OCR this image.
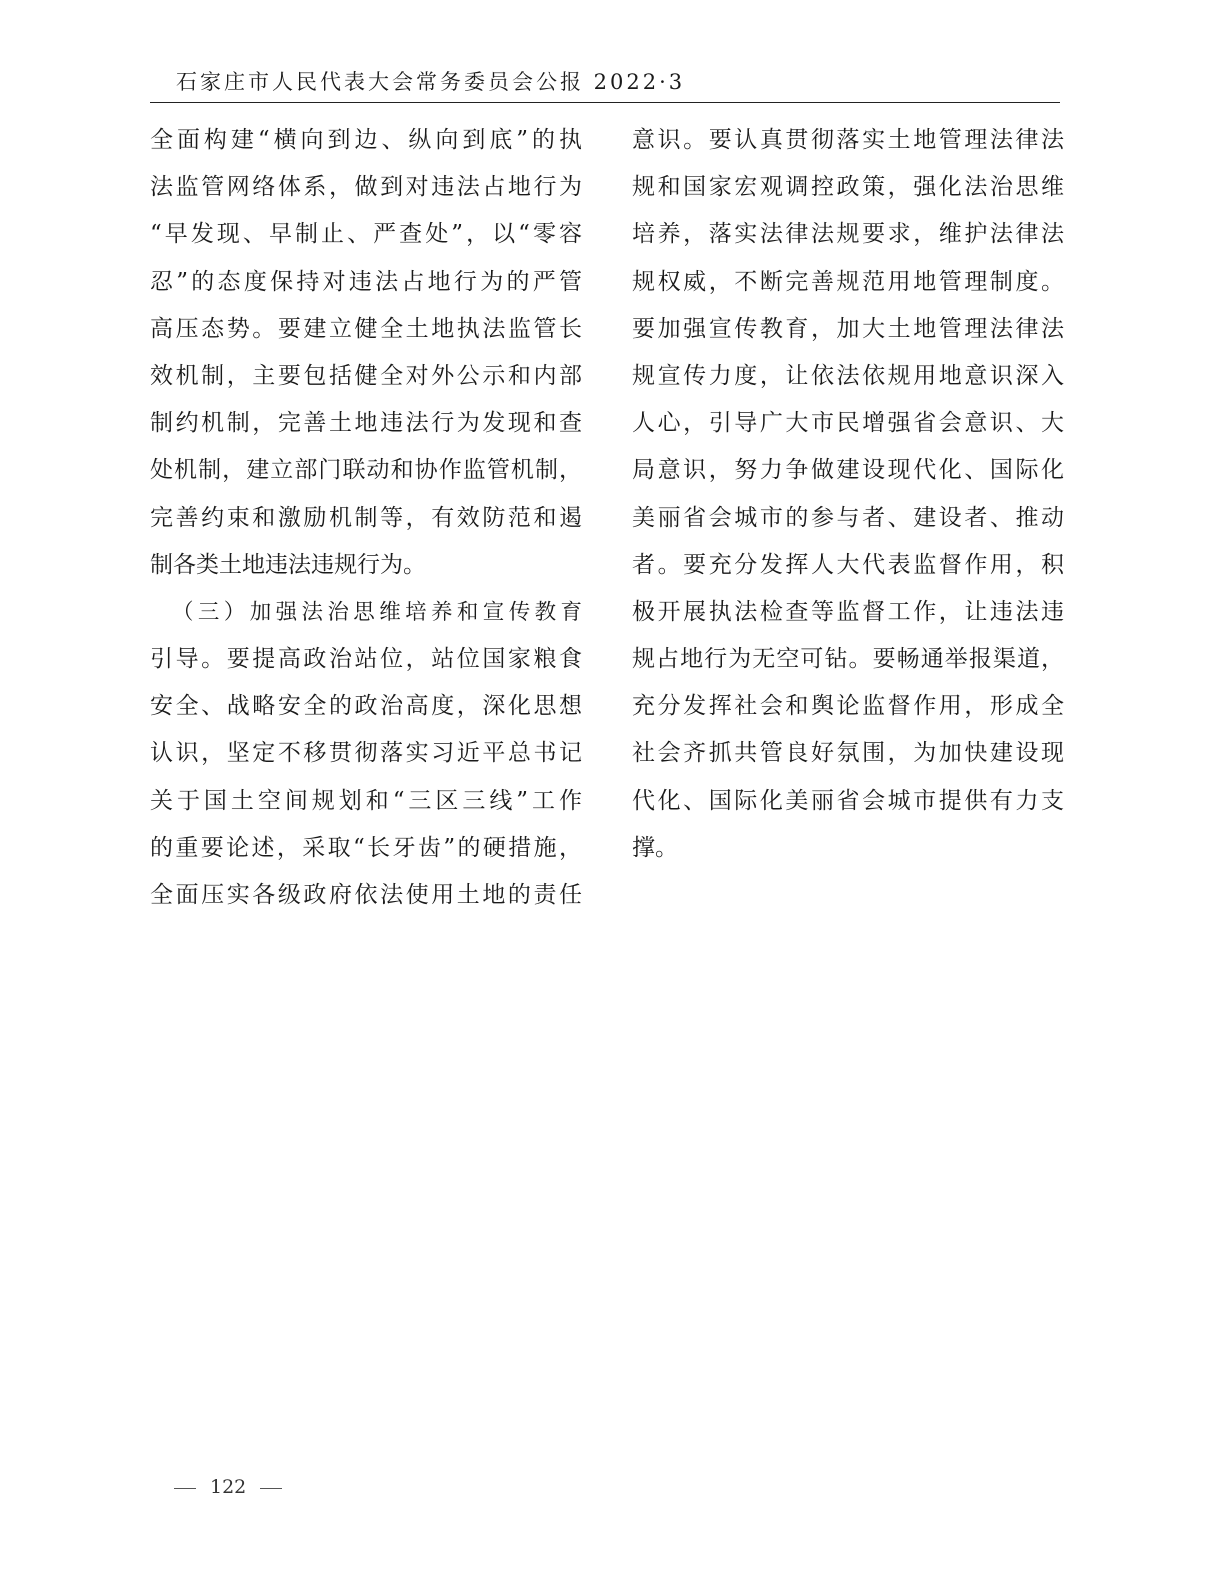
石家庄市人民代表大会常务委员会公报 2022·3
全面构建“横向到边、纵向到底”的执
法监管网络体系，做到对违法占地行为
“早发现、早制止、严查处”，以“零容
忍”的态度保持对违法占地行为的严管
高压态势。要建立健全土地执法监管长
效机制，主要包括健全对外公示和内部
制约机制，完善土地违法行为发现和查
处机制，建立部门联动和协作监管机制，
完善约束和激励机制等，有效防范和遏
制各类土地违法违规行为。
（三）加强法治思维培养和宣传教育
引导。要提高政治站位，站位国家粮食
安全、战略安全的政治高度，深化思想
认识，坚定不移贯彻落实习近平总书记
关于国土空间规划和“三区三线”工作
的重要论述，采取“长牙齿”的硬措施，
全面压实各级政府依法使用土地的责任
意识。要认真贯彻落实土地管理法律法
规和国家宏观调控政策，强化法治思维
培养，落实法律法规要求，维护法律法
规权威，不断完善规范用地管理制度。
要加强宣传教育，加大土地管理法律法
规宣传力度，让依法依规用地意识深入
人心，引导广大市民增强省会意识、大
局意识，努力争做建设现代化、国际化
美丽省会城市的参与者、建设者、推动
者。要充分发挥人大代表监督作用，积
极开展执法检查等监督工作，让违法违
规占地行为无空可钻。要畅通举报渠道，
充分发挥社会和舆论监督作用，形成全
社会齐抓共管良好氛围，为加快建设现
代化、国际化美丽省会城市提供有力支
撑。
122
